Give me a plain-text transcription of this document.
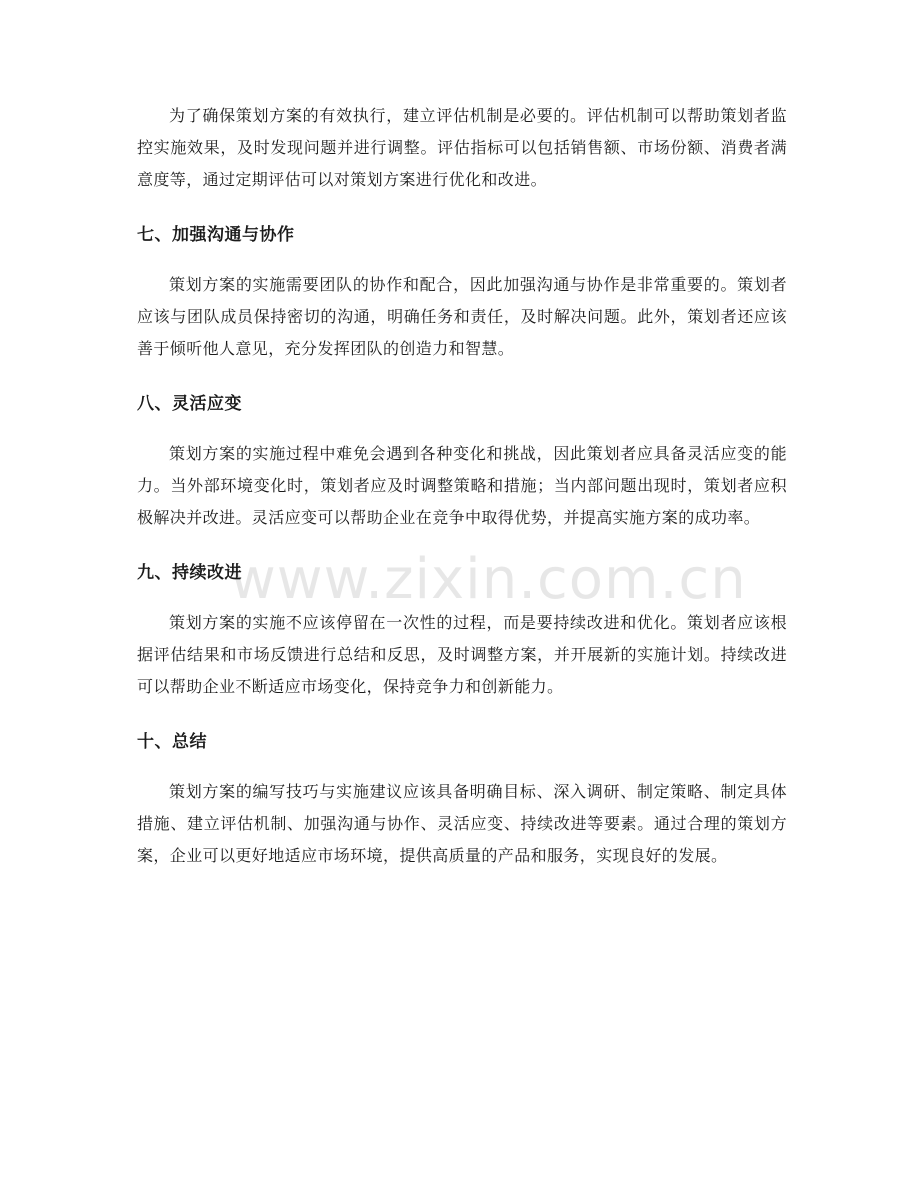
为了确保策划方案的有效执行，建立评估机制是必要的。评估机制可以帮助策划者监控实施效果，及时发现问题并进行调整。评估指标可以包括销售额、市场份额、消费者满意度等，通过定期评估可以对策划方案进行优化和改进。

七、加强沟通与协作

策划方案的实施需要团队的协作和配合，因此加强沟通与协作是非常重要的。策划者应该与团队成员保持密切的沟通，明确任务和责任，及时解决问题。此外，策划者还应该善于倾听他人意见，充分发挥团队的创造力和智慧。

八、灵活应变

策划方案的实施过程中难免会遇到各种变化和挑战，因此策划者应具备灵活应变的能力。当外部环境变化时，策划者应及时调整策略和措施；当内部问题出现时，策划者应积极解决并改进。灵活应变可以帮助企业在竞争中取得优势，并提高实施方案的成功率。

九、持续改进

策划方案的实施不应该停留在一次性的过程，而是要持续改进和优化。策划者应该根据评估结果和市场反馈进行总结和反思，及时调整方案，并开展新的实施计划。持续改进可以帮助企业不断适应市场变化，保持竞争力和创新能力。

十、总结

策划方案的编写技巧与实施建议应该具备明确目标、深入调研、制定策略、制定具体措施、建立评估机制、加强沟通与协作、灵活应变、持续改进等要素。通过合理的策划方案，企业可以更好地适应市场环境，提供高质量的产品和服务，实现良好的发展。

www.zixin.com.cn
